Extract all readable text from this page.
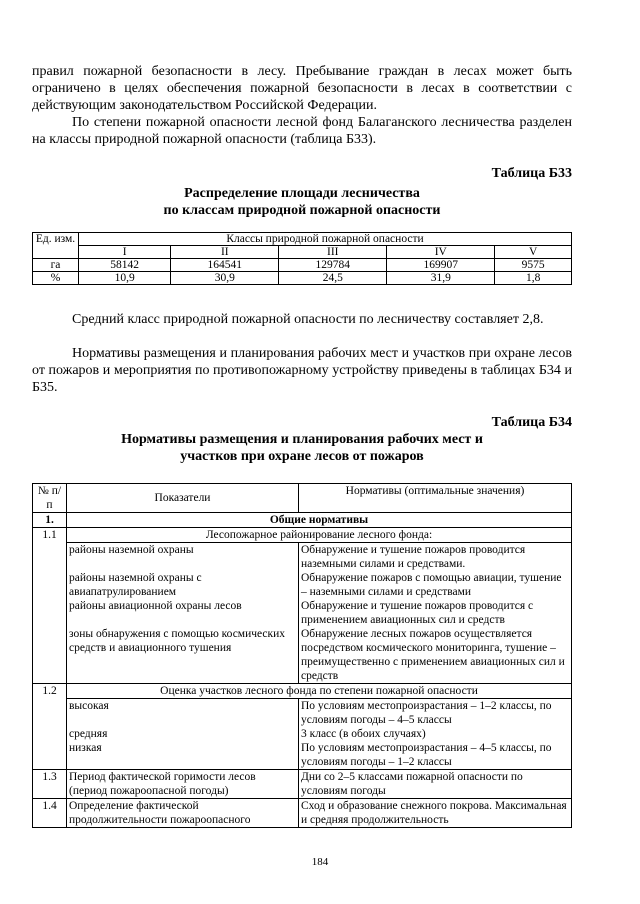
правил пожарной безопасности в лесу. Пребывание граждан в лесах может быть ограничено в целях обеспечения пожарной безопасности в лесах в соответствии с действующим законодательством Российской Федерации.

По степени пожарной опасности лесной фонд Балаганского лесничества разделен на классы природной пожарной опасности (таблица Б33).

Таблица Б33
Распределение площади лесничества
по классам природной пожарной опасности
Ед. изм.	Классы природной пожарной опасности				
	I	II	III	IV	V
га	58142	164541	129784	169907	9575
%	10,9	30,9	24,5	31,9	1,8

Средний класс природной пожарной опасности по лесничеству составляет 2,8.

Нормативы размещения и планирования рабочих мест и участков при охране лесов от пожаров и мероприятия по противопожарному устройству приведены в таблицах Б34 и Б35.

Таблица Б34
Нормативы размещения и планирования рабочих мест и
участков при охране лесов от пожаров
№ п/п	Показатели	Нормативы (оптимальные значения)
1.	Общие нормативы	
1.1	Лесопожарное районирование лесного фонда:	
	районы наземной охраны	Обнаружение и тушение пожаров проводится наземными силами и средствами.
	районы наземной охраны с авиапатрулированием	Обнаружение пожаров с помощью авиации, тушение – наземными силами и средствами
	районы авиационной охраны лесов	Обнаружение и тушение пожаров проводится с применением авиационных сил и средств
	зоны обнаружения с помощью космических средств и авиационного тушения	Обнаружение лесных пожаров осуществляется посредством космического мониторинга, тушение – преимущественно с применением авиационных сил и средств
1.2	Оценка участков лесного фонда по степени пожарной опасности	
	высокая	По условиям местопроизрастания – 1–2 классы, по условиям погоды – 4–5 классы
	средняя	3 класс (в обоих случаях)
	низкая	По условиям местопроизрастания – 4–5 классы, по условиям погоды – 1–2 классы
1.3	Период фактической горимости лесов (период пожароопасной погоды)	Дни со 2–5 классами пожарной опасности по условиям погоды
1.4	Определение фактической продолжительности пожароопасного	Сход и образование снежного покрова. Максимальная и средняя продолжительность
184
